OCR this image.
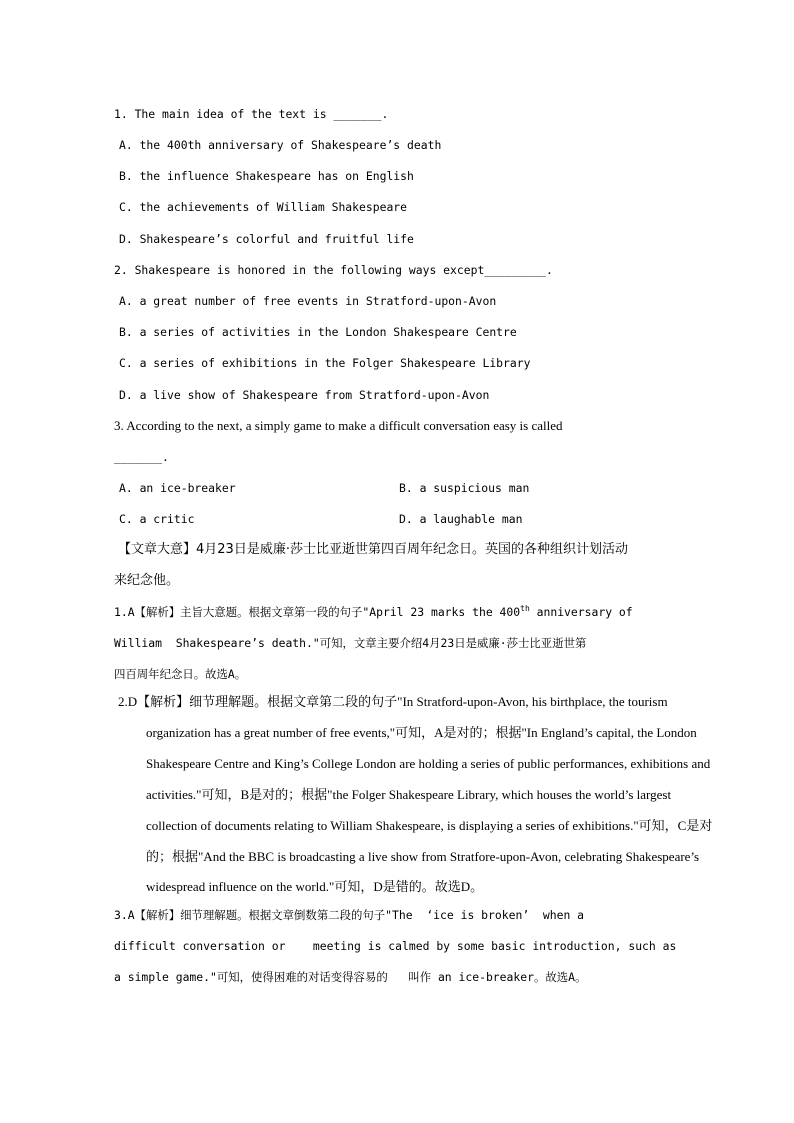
1. The main idea of the text is _______.
A. the 400th anniversary of Shakespeare’s death
B. the influence Shakespeare has on English
C. the achievements of William Shakespeare
D. Shakespeare’s colorful and fruitful life
2. Shakespeare is honored in the following ways except_________.
A. a great number of free events in Stratford-upon-Avon
B. a series of activities in the London Shakespeare Centre
C. a series of exhibitions in the Folger Shakespeare Library
D. a live show of Shakespeare from Stratford-upon-Avon
3. According to the next, a simply game to make a difficult conversation easy is called
_______.
A. an ice-breaker	B. a suspicious man
C. a critic	D. a laughable man
【文章大意】4月23日是威廉·莎士比亚逝世第四百周年纪念日。英国的各种组织计划活动
来纪念他。
1.A【解析】主旨大意题。根据文章第一段的句子"April 23 marks the 400th anniversary of
William  Shakespeare’s death."可知，文章主要介绍4月23日是威廉·莎士比亚逝世第
四百周年纪念日。故选A。
2.D【解析】细节理解题。根据文章第二段的句子"In Stratford-upon-Avon, his birthplace, the tourism
organization has a great number of free events,"可知，A是对的；根据"In England’s capital, the London
Shakespeare Centre and King’s College London are holding a series of public performances, exhibitions and
activities."可知，B是对的；根据"the Folger Shakespeare Library, which houses the world’s largest
collection of documents relating to William Shakespeare, is displaying a series of exhibitions."可知，C是对
的；根据"And the BBC is broadcasting a live show from Stratfore-upon-Avon, celebrating Shakespeare’s
widespread influence on the world."可知，D是错的。故选D。
3.A【解析】细节理解题。根据文章倒数第二段的句子"The  ‘ice is broken’  when a
difficult conversation or    meeting is calmed by some basic introduction, such as
a simple game."可知，使得困难的对话变得容易的   叫作 an ice-breaker。故选A。
